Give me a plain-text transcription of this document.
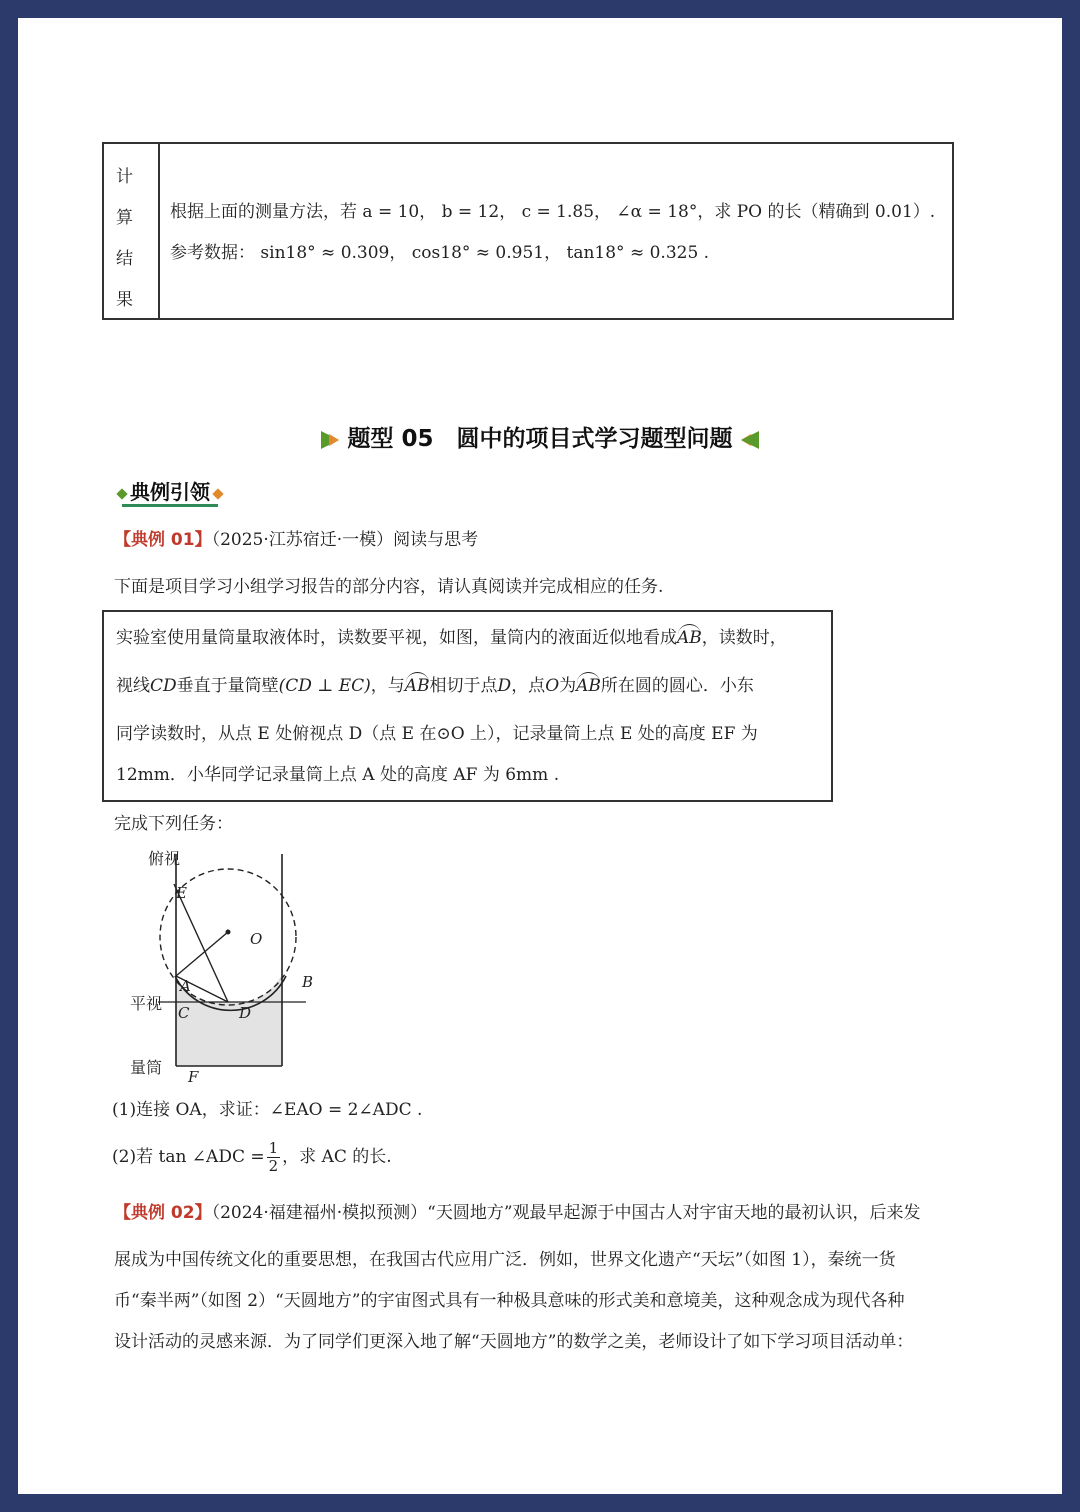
计
算
结
果
根据上面的测量方法，若 a = 10， b = 12， c = 1.85， ∠α = 18°，求 PO 的长（精确到 0.01）.
参考数据： sin18° ≈ 0.309， cos18° ≈ 0.951， tan18° ≈ 0.325 .
题型 05　圆中的项目式学习题型问题
典例引领
【典例 01】（2025·江苏宿迁·一模）阅读与思考
下面是项目学习小组学习报告的部分内容，请认真阅读并完成相应的任务.
实验室使用量筒量取液体时，读数要平视，如图，量筒内的液面近似地看成AB，读数时，
视线CD垂直于量筒壁(CD ⊥ EC)，与AB相切于点D，点O为AB所在圆的圆心．小东
同学读数时，从点 E 处俯视点 D（点 E 在⊙O 上），记录量筒上点 E 处的高度 EF 为
12mm．小华同学记录量筒上点 A 处的高度 AF 为 6mm .
完成下列任务：
俯视
平视
量筒
E
O
A	B
C	D
F
(1)连接 OA，求证：∠EAO = 2∠ADC .
(2)若 tan ∠ADC = $\frac{1}{2}$ ，求 AC 的长.
【典例 02】（2024·福建福州·模拟预测）“天圆地方”观最早起源于中国古人对宇宙天地的最初认识，后来发
展成为中国传统文化的重要思想，在我国古代应用广泛．例如，世界文化遗产“天坛”（如图 1），秦统一货
币“秦半两”（如图 2）“天圆地方”的宇宙图式具有一种极具意味的形式美和意境美，这种观念成为现代各种
设计活动的灵感来源．为了同学们更深入地了解“天圆地方”的数学之美，老师设计了如下学习项目活动单：
